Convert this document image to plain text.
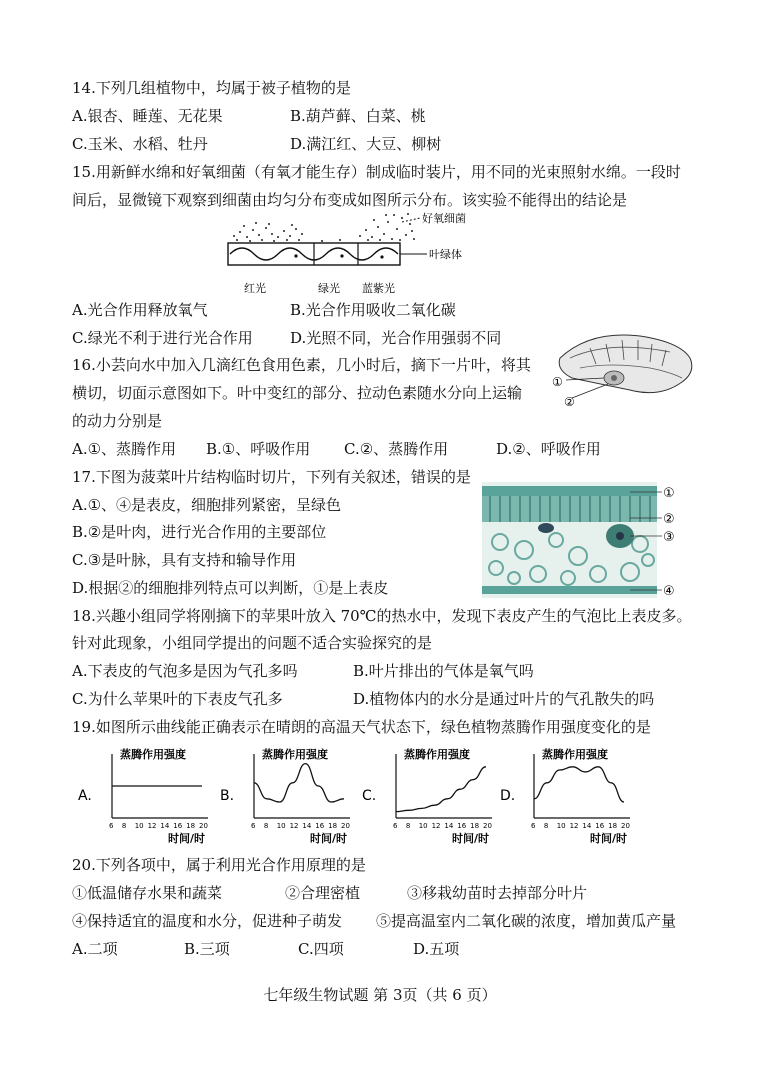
14.下列几组植物中，均属于被子植物的是
A.银杏、睡莲、无花果	B.葫芦藓、白菜、桃
C.玉米、水稻、牡丹	D.满江红、大豆、柳树
15.用新鲜水绵和好氧细菌（有氧才能生存）制成临时装片，用不同的光束照射水绵。一段时
间后，显微镜下观察到细菌由均匀分布变成如图所示分布。该实验不能得出的结论是
好氧细菌
叶绿体
红光	绿光 蓝紫光
A.光合作用释放氧气	B.光合作用吸收二氧化碳
C.绿光不利于进行光合作用 D.光照不同，光合作用强弱不同
16.小芸向水中加入几滴红色食用色素，几小时后，摘下一片叶，将其
横切，切面示意图如下。叶中变红的部分、拉动色素随水分向上运输
的动力分别是
①
②
A.①、蒸腾作用 B.①、呼吸作用 C.②、蒸腾作用	D.②、呼吸作用
17.下图为菠菜叶片结构临时切片，下列有关叙述，错误的是
A.①、④是表皮，细胞排列紧密，呈绿色
B.②是叶肉，进行光合作用的主要部位
C.③是叶脉，具有支持和输导作用
D.根据②的细胞排列特点可以判断，①是上表皮
①
②
③
④
18.兴趣小组同学将刚摘下的苹果叶放入 70℃的热水中，发现下表皮产生的气泡比上表皮多。
针对此现象，小组同学提出的问题不适合实验探究的是
A.下表皮的气泡多是因为气孔多吗	B.叶片排出的气体是氧气吗
C.为什么苹果叶的下表皮气孔多	D.植物体内的水分是通过叶片的气孔散失的吗
19.如图所示曲线能正确表示在晴朗的高温天气状态下，绿色植物蒸腾作用强度变化的是
A.
蒸腾作用强度
时间/时
6 8 10 12 14 16 18 20
B.
蒸腾作用强度
时间/时
6 8 10 12 14 16 18 20
C.
蒸腾作用强度
时间/时
6 8 10 12 14 16 18 20
D.
蒸腾作用强度
时间/时
6 8 10 12 14 16 18 20
20.下列各项中，属于利用光合作用原理的是
①低温储存水果和蔬菜	②合理密植	③移栽幼苗时去掉部分叶片
④保持适宜的温度和水分，促进种子萌发 ⑤提高温室内二氧化碳的浓度，增加黄瓜产量
A.二项	B.三项	C.四项	D.五项
七年级生物试题 第 3页（共 6 页）
